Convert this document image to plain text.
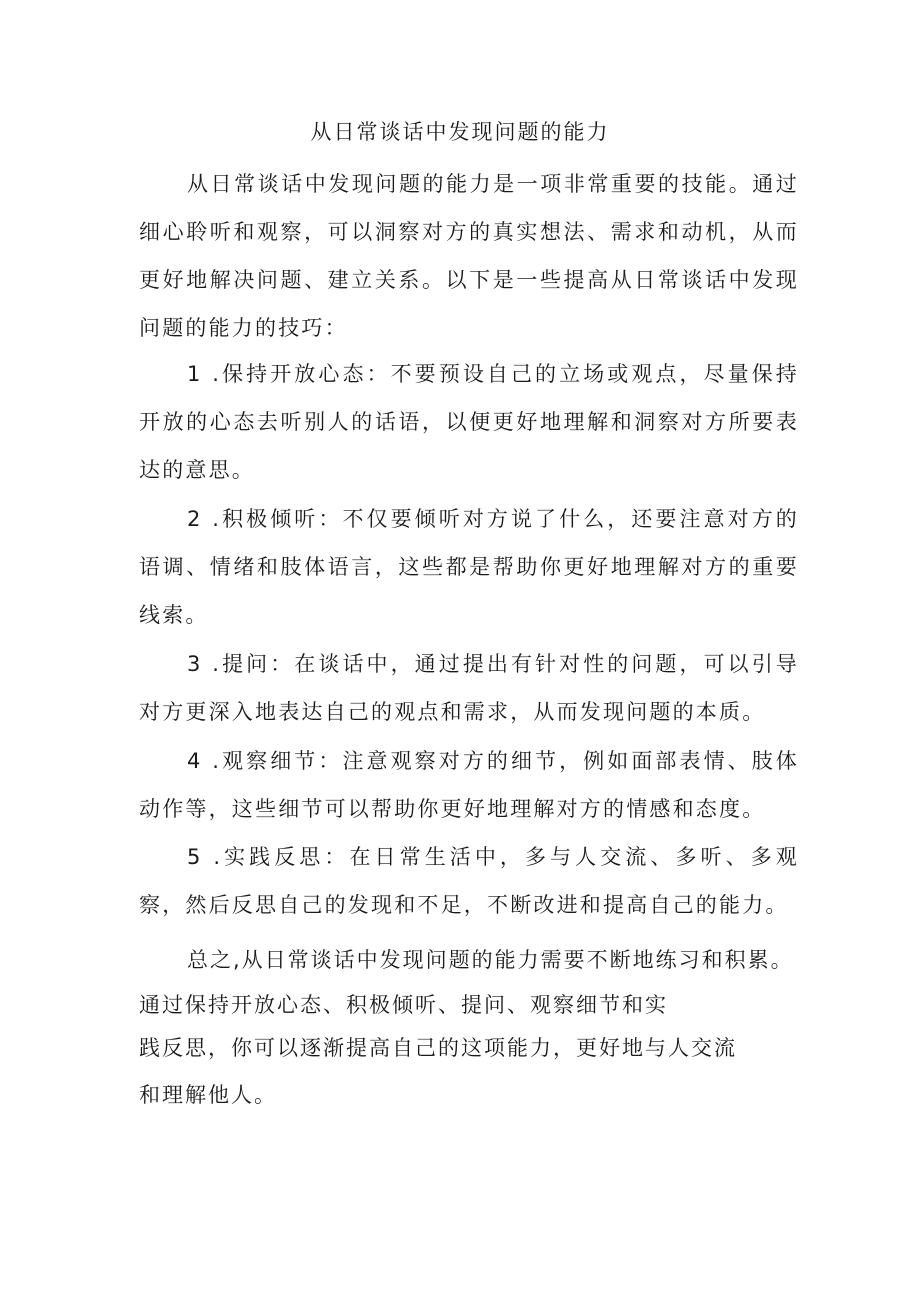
从日常谈话中发现问题的能力
从日常谈话中发现问题的能力是一项非常重要的技能。通过细心聆听和观察，可以洞察对方的真实想法、需求和动机，从而更好地解决问题、建立关系。以下是一些提高从日常谈话中发现问题的能力的技巧：
1 .保持开放心态：不要预设自己的立场或观点，尽量保持开放的心态去听别人的话语，以便更好地理解和洞察对方所要表达的意思。
2 .积极倾听：不仅要倾听对方说了什么，还要注意对方的语调、情绪和肢体语言，这些都是帮助你更好地理解对方的重要线索。
3 .提问：在谈话中，通过提出有针对性的问题，可以引导对方更深入地表达自己的观点和需求，从而发现问题的本质。
4 .观察细节：注意观察对方的细节，例如面部表情、肢体动作等，这些细节可以帮助你更好地理解对方的情感和态度。
5 .实践反思：在日常生活中，多与人交流、多听、多观察，然后反思自己的发现和不足，不断改进和提高自己的能力。
总之,从日常谈话中发现问题的能力需要不断地练习和积累。
通过保持开放心态、积极倾听、提问、观察细节和实
践反思，你可以逐渐提高自己的这项能力，更好地与人交流
和理解他人。
